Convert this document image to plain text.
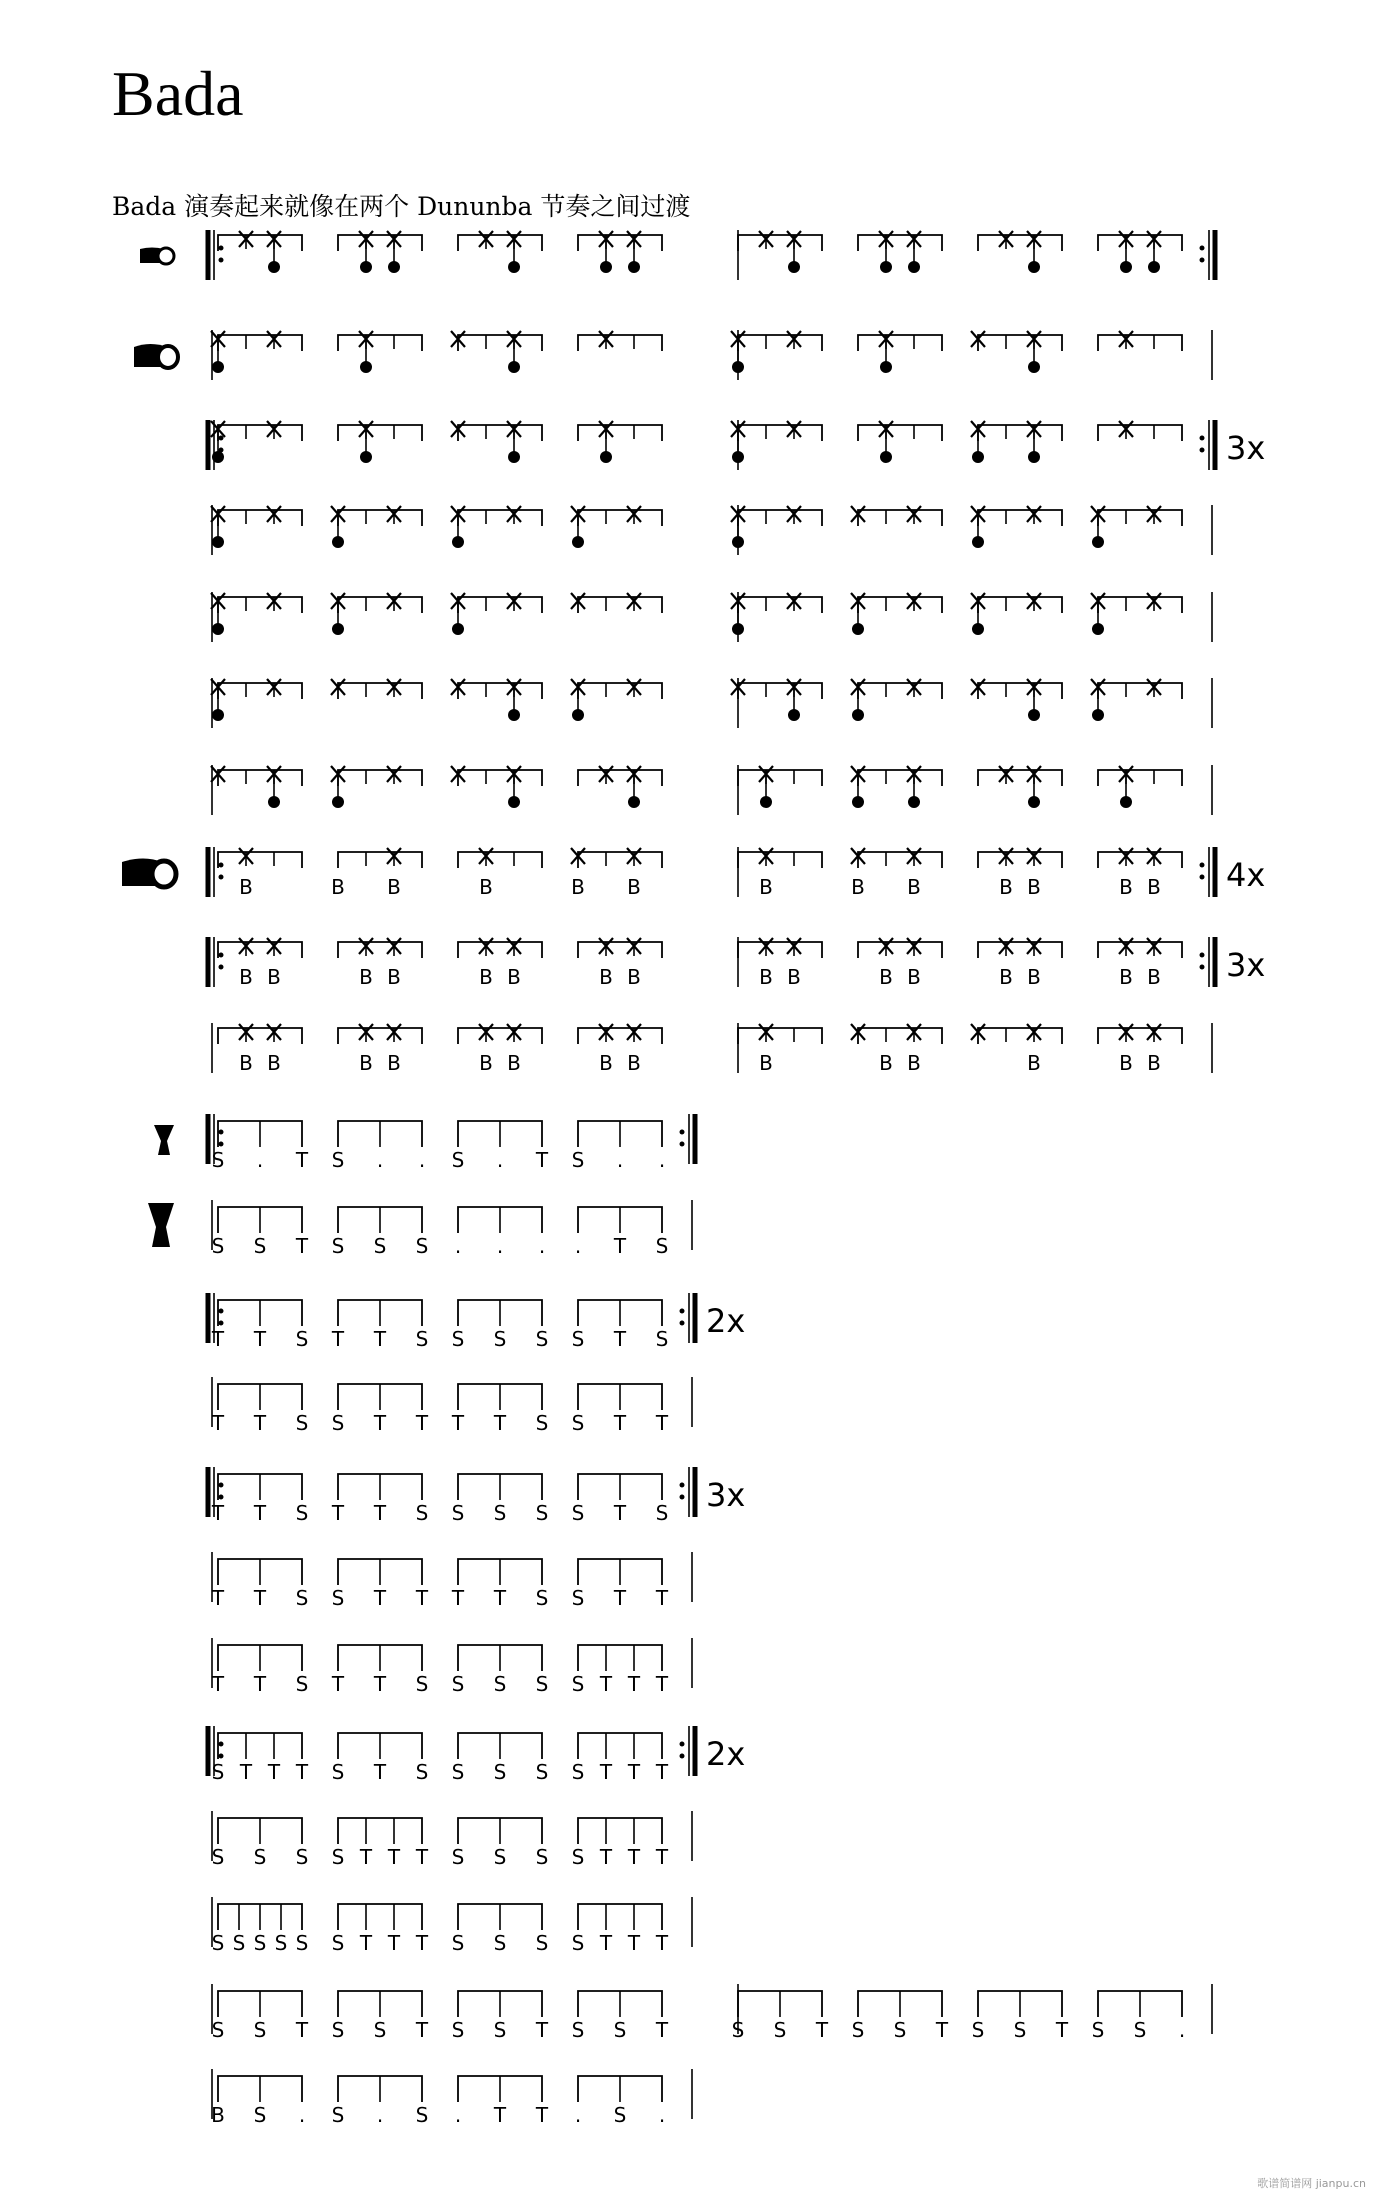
Bada
Bada 演奏起来就像在两个 Dununba 节奏之间过渡
3x
4x
B	B B	B	B B	B	B B	B B	B B
3x
B B	B B	B B	B B	B B	B B	B B	B B
B B	B B	B B	B B	B	B B	B	B B
S . T S . . S . T S . .
S S T S S S . . . . T S
2x
T T S T T S S S S S T S
T T S S T T T T S S T T
3x
T T S T T S S S S S T S
T T S S T T T T S S T T
T T S T T S S S S S T T T
2x
S T T T S T S S S S S T T T
S S S S T T T S S S S T T T
S S S S S S T T T S S S S T T T
S S T S S T S S T S S T	S S T S S T S S T S S .
B S . S . S . T T . S .
歌谱简谱网 jianpu.cn
